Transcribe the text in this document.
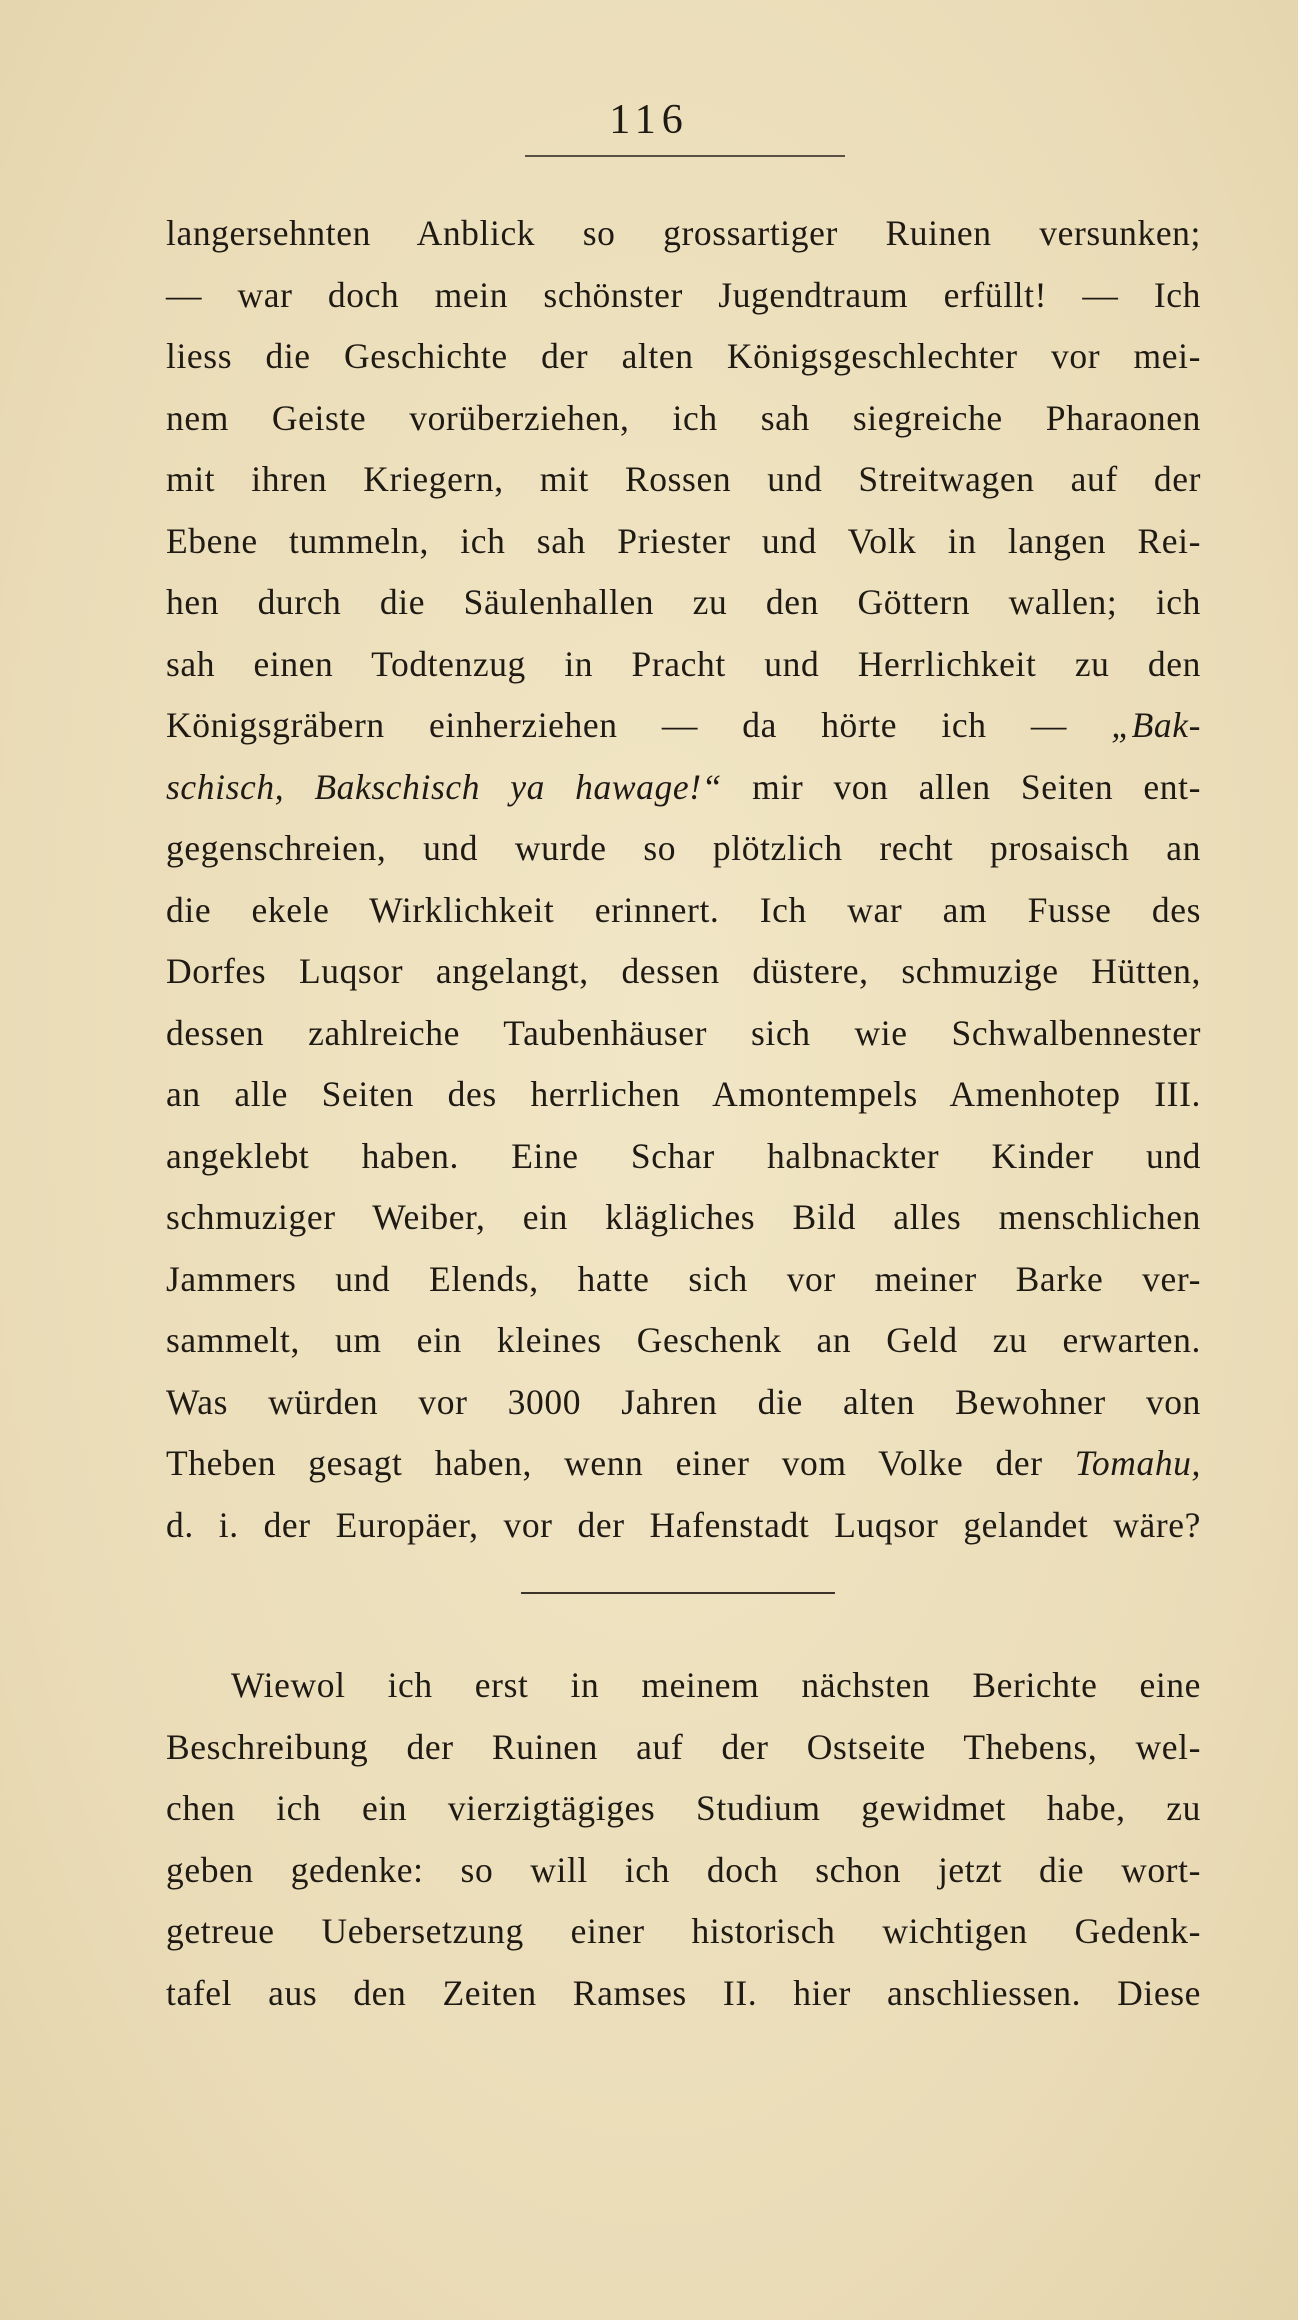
116
langersehnten Anblick so grossartiger Ruinen versunken;
— war doch mein schönster Jugendtraum erfüllt! — Ich
liess die Geschichte der alten Königsgeschlechter vor mei-
nem Geiste vorüberziehen, ich sah siegreiche Pharaonen
mit ihren Kriegern, mit Rossen und Streitwagen auf der
Ebene tummeln, ich sah Priester und Volk in langen Rei-
hen durch die Säulenhallen zu den Göttern wallen; ich
sah einen Todtenzug in Pracht und Herrlichkeit zu den
Königsgräbern einherziehen — da hörte ich — „Bak-
schisch, Bakschisch ya hawage!“ mir von allen Seiten ent-
gegenschreien, und wurde so plötzlich recht prosaisch an
die ekele Wirklichkeit erinnert. Ich war am Fusse des
Dorfes Luqsor angelangt, dessen düstere, schmuzige Hütten,
dessen zahlreiche Taubenhäuser sich wie Schwalbennester
an alle Seiten des herrlichen Amontempels Amenhotep III.
angeklebt haben. Eine Schar halbnackter Kinder und
schmuziger Weiber, ein klägliches Bild alles menschlichen
Jammers und Elends, hatte sich vor meiner Barke ver-
sammelt, um ein kleines Geschenk an Geld zu erwarten.
Was würden vor 3000 Jahren die alten Bewohner von
Theben gesagt haben, wenn einer vom Volke der Tomahu,
d. i. der Europäer, vor der Hafenstadt Luqsor gelandet wäre?
Wiewol ich erst in meinem nächsten Berichte eine
Beschreibung der Ruinen auf der Ostseite Thebens, wel-
chen ich ein vierzigtägiges Studium gewidmet habe, zu
geben gedenke: so will ich doch schon jetzt die wort-
getreue Uebersetzung einer historisch wichtigen Gedenk-
tafel aus den Zeiten Ramses II. hier anschliessen. Diese
